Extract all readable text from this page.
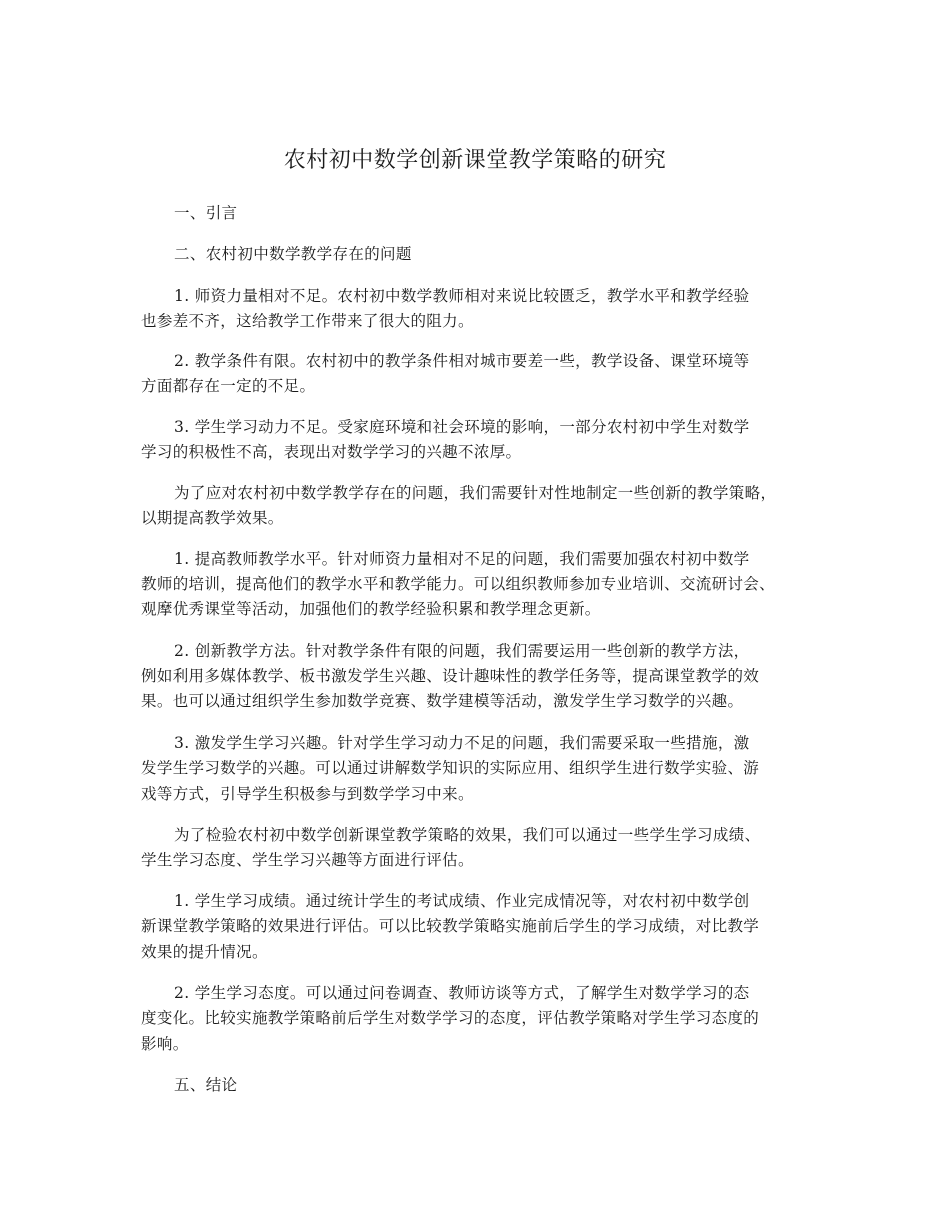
农村初中数学创新课堂教学策略的研究
一、引言
二、农村初中数学教学存在的问题
1. 师资力量相对不足。农村初中数学教师相对来说比较匮乏，教学水平和教学经验
也参差不齐，这给教学工作带来了很大的阻力。
2. 教学条件有限。农村初中的教学条件相对城市要差一些，教学设备、课堂环境等
方面都存在一定的不足。
3. 学生学习动力不足。受家庭环境和社会环境的影响，一部分农村初中学生对数学
学习的积极性不高，表现出对数学学习的兴趣不浓厚。
为了应对农村初中数学教学存在的问题，我们需要针对性地制定一些创新的教学策略，
以期提高教学效果。
1. 提高教师教学水平。针对师资力量相对不足的问题，我们需要加强农村初中数学
教师的培训，提高他们的教学水平和教学能力。可以组织教师参加专业培训、交流研讨会、
观摩优秀课堂等活动，加强他们的教学经验积累和教学理念更新。
2. 创新教学方法。针对教学条件有限的问题，我们需要运用一些创新的教学方法，
例如利用多媒体教学、板书激发学生兴趣、设计趣味性的教学任务等，提高课堂教学的效
果。也可以通过组织学生参加数学竞赛、数学建模等活动，激发学生学习数学的兴趣。
3. 激发学生学习兴趣。针对学生学习动力不足的问题，我们需要采取一些措施，激
发学生学习数学的兴趣。可以通过讲解数学知识的实际应用、组织学生进行数学实验、游
戏等方式，引导学生积极参与到数学学习中来。
为了检验农村初中数学创新课堂教学策略的效果，我们可以通过一些学生学习成绩、
学生学习态度、学生学习兴趣等方面进行评估。
1. 学生学习成绩。通过统计学生的考试成绩、作业完成情况等，对农村初中数学创
新课堂教学策略的效果进行评估。可以比较教学策略实施前后学生的学习成绩，对比教学
效果的提升情况。
2. 学生学习态度。可以通过问卷调查、教师访谈等方式，了解学生对数学学习的态
度变化。比较实施教学策略前后学生对数学学习的态度，评估教学策略对学生学习态度的
影响。
五、结论
